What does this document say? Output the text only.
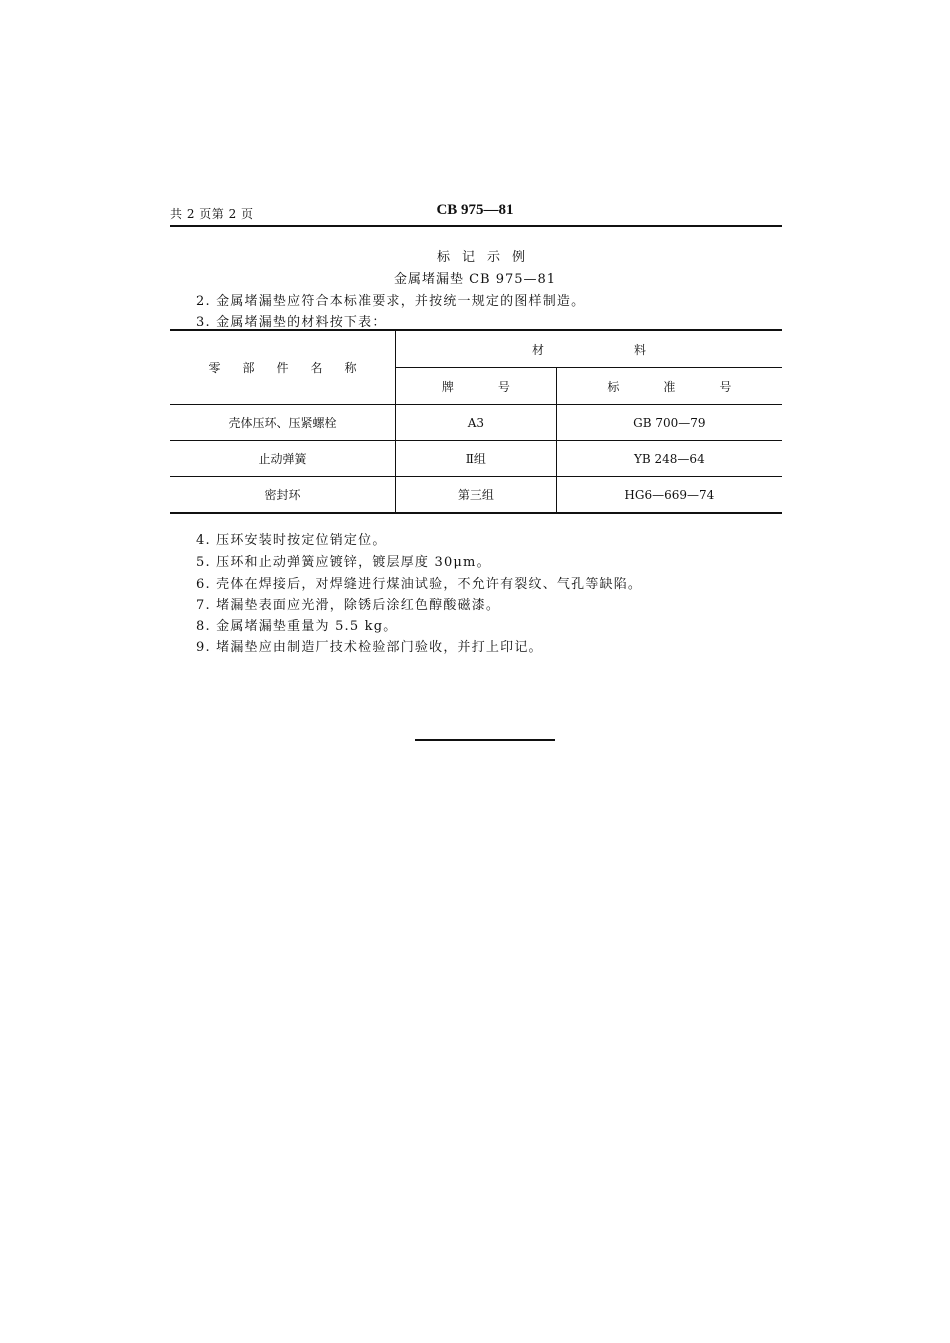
共 2 页第 2 页	CB 975—81
标记示例
金属堵漏垫 CB 975—81
2. 金属堵漏垫应符合本标准要求，并按统一规定的图样制造。
3. 金属堵漏垫的材料按下表：
零部件名称	材料	
	牌号	标准号
壳体压环、压紧螺栓	A3	GB 700—79
止动弹簧	Ⅱ组	YB 248—64
密封环	第三组	HG6—669—74
4. 压环安装时按定位销定位。
5. 压环和止动弹簧应镀锌，镀层厚度 30μm。
6. 壳体在焊接后，对焊缝进行煤油试验，不允许有裂纹、气孔等缺陷。
7. 堵漏垫表面应光滑，除锈后涂红色醇酸磁漆。
8. 金属堵漏垫重量为 5.5 kg。
9. 堵漏垫应由制造厂技术检验部门验收，并打上印记。
